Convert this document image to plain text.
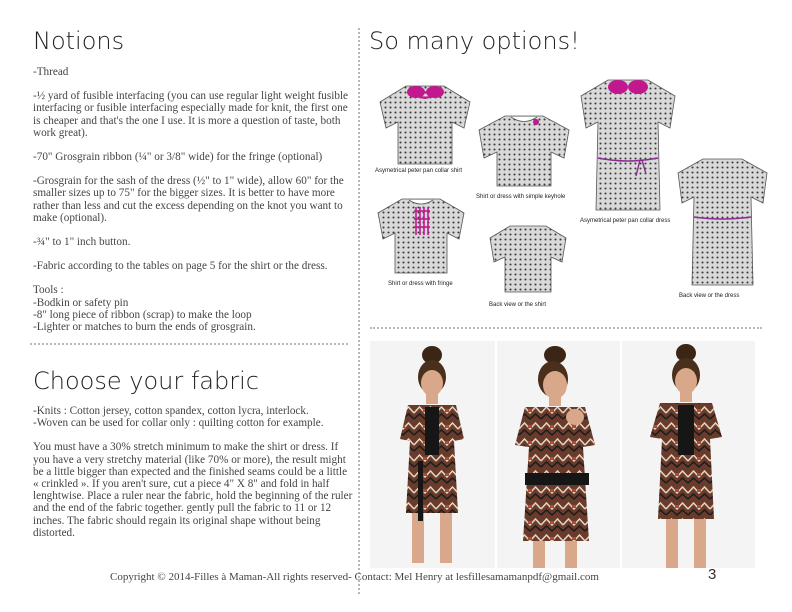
Notions

-Thread

-½ yard of fusible interfacing (you can use regular light weight fusible interfacing or fusible interfacing especially made for knit, the first one is cheaper and that's the one I use. It is more a question of taste, both work great).

-70" Grosgrain ribbon (¼" or 3/8" wide) for the fringe (optional)

-Grosgrain for the sash of the dress (½" to 1" wide), allow 60" for the smaller sizes up to 75" for the bigger sizes. It is better to have more rather than less and cut the excess depending on the knot you want to make (optional).

-¾" to 1" inch button.

-Fabric according to the tables on page 5 for the shirt or the dress.

Tools :
-Bodkin or safety pin
-8" long piece of ribbon (scrap) to make the loop
-Lighter or matches to burn the ends of grosgrain.

Choose your fabric
-Knits : Cotton jersey, cotton spandex, cotton lycra, interlock.
-Woven can be used for collar only : quilting cotton for example.
You must have a 30% stretch minimum to make the shirt or dress. If you have a very stretchy material (like 70% or more), the result might be a little bigger than expected and the finished seams could be a little « crinkled ». If you aren't sure, cut a piece 4" X 8" and fold in half lenghtwise. Place a ruler near the fabric, hold the beginning of the ruler and the end of the fabric together. gently pull the fabric to 11 or 12 inches. The fabric should regain its original shape without being distorted.
So many options!
Asymetrical peter pan collar shirt
Shirt or dress with simple keyhole
Asymetrical peter pan collar dress
Shirt or dress with fringe
Back view or the shirt
Back view or the dress
Copyright © 2014-Filles à Maman-All rights reserved- Contact: Mel Henry at lesfillesamamanpdf@gmail.com	3
